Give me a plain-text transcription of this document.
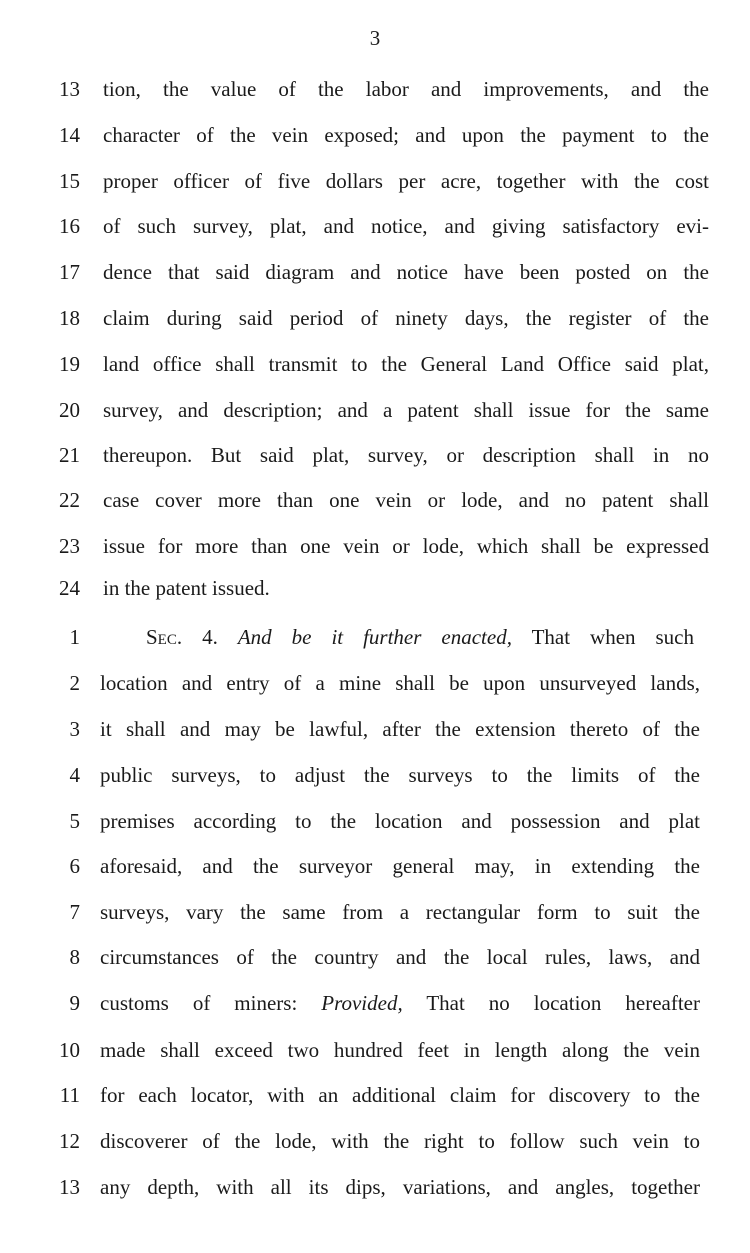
3
13 tion, the value of the labor and improvements, and the
14 character of the vein exposed; and upon the payment to the
15 proper officer of five dollars per acre, together with the cost
16 of such survey, plat, and notice, and giving satisfactory evi-
17 dence that said diagram and notice have been posted on the
18 claim during said period of ninety days, the register of the
19 land office shall transmit to the General Land Office said plat,
20 survey, and description; and a patent shall issue for the same
21 thereupon. But said plat, survey, or description shall in no
22 case cover more than one vein or lode, and no patent shall
23 issue for more than one vein or lode, which shall be expressed
24 in the patent issued.
1	Sec. 4. And be it further enacted, That when such
2 location and entry of a mine shall be upon unsurveyed lands,
3 it shall and may be lawful, after the extension thereto of the
4 public surveys, to adjust the surveys to the limits of the
5 premises according to the location and possession and plat
6 aforesaid, and the surveyor general may, in extending the
7 surveys, vary the same from a rectangular form to suit the
8 circumstances of the country and the local rules, laws, and
9 customs of miners: Provided, That no location hereafter
10 made shall exceed two hundred feet in length along the vein
11 for each locator, with an additional claim for discovery to the
12 discoverer of the lode, with the right to follow such vein to
13 any depth, with all its dips, variations, and angles, together
